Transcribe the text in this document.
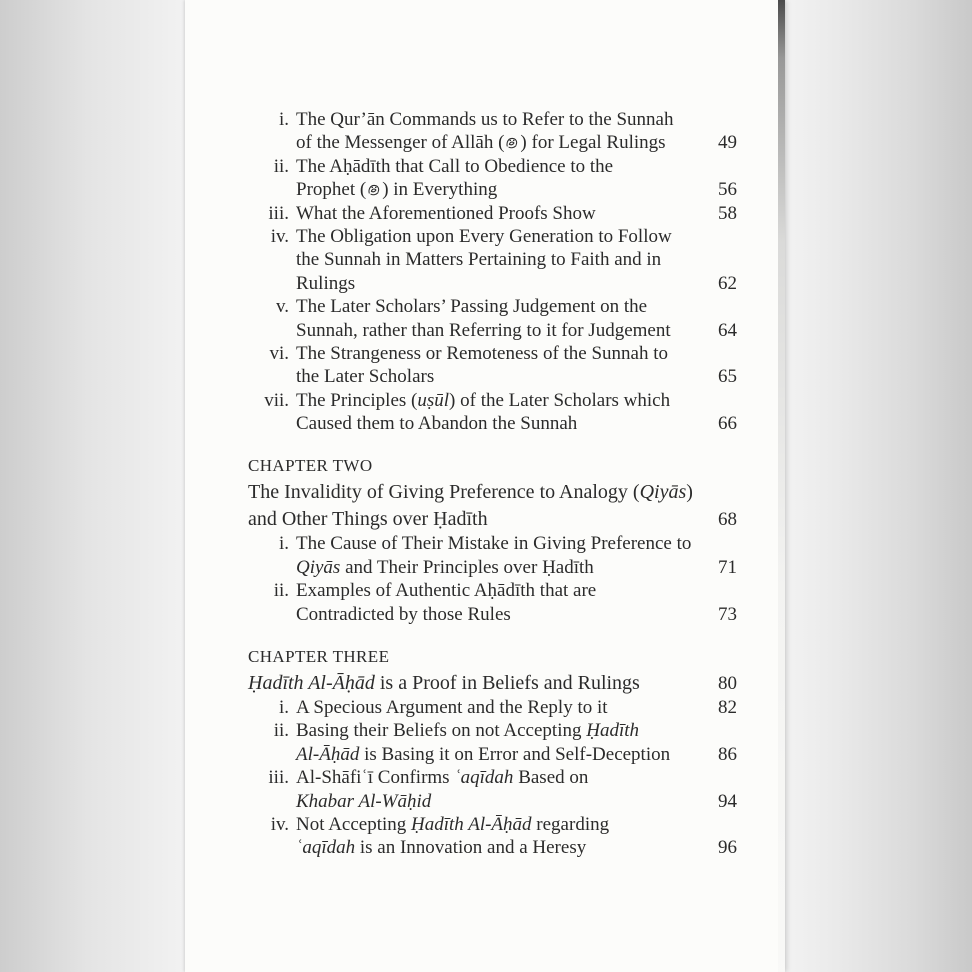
i. The Qur’ān Commands us to Refer to the Sunnah
of the Messenger of Allāh ( ) for Legal Rulings	49
ii. The Aḥādīth that Call to Obedience to the
Prophet ( ) in Everything	56
iii. What the Aforementioned Proofs Show	58
iv. The Obligation upon Every Generation to Follow
the Sunnah in Matters Pertaining to Faith and in
Rulings	62
v. The Later Scholars’ Passing Judgement on the
Sunnah, rather than Referring to it for Judgement	64
vi. The Strangeness or Remoteness of the Sunnah to
the Later Scholars	65
vii. The Principles (uṣūl) of the Later Scholars which
Caused them to Abandon the Sunnah	66
CHAPTER TWO
The Invalidity of Giving Preference to Analogy (Qiyās)
and Other Things over Ḥadīth	68
i. The Cause of Their Mistake in Giving Preference to
Qiyās and Their Principles over Ḥadīth	71
ii. Examples of Authentic Aḥādīth that are
Contradicted by those Rules	73
CHAPTER THREE
Ḥadīth Al-Āḥād is a Proof in Beliefs and Rulings	80
i. A Specious Argument and the Reply to it	82
ii. Basing their Beliefs on not Accepting Ḥadīth
Al-Āḥād is Basing it on Error and Self-Deception	86
iii. Al-Shāfiʿī Confirms ʿaqīdah Based on
Khabar Al-Wāḥid	94
iv. Not Accepting Ḥadīth Al-Āḥād regarding
ʿaqīdah is an Innovation and a Heresy	96
